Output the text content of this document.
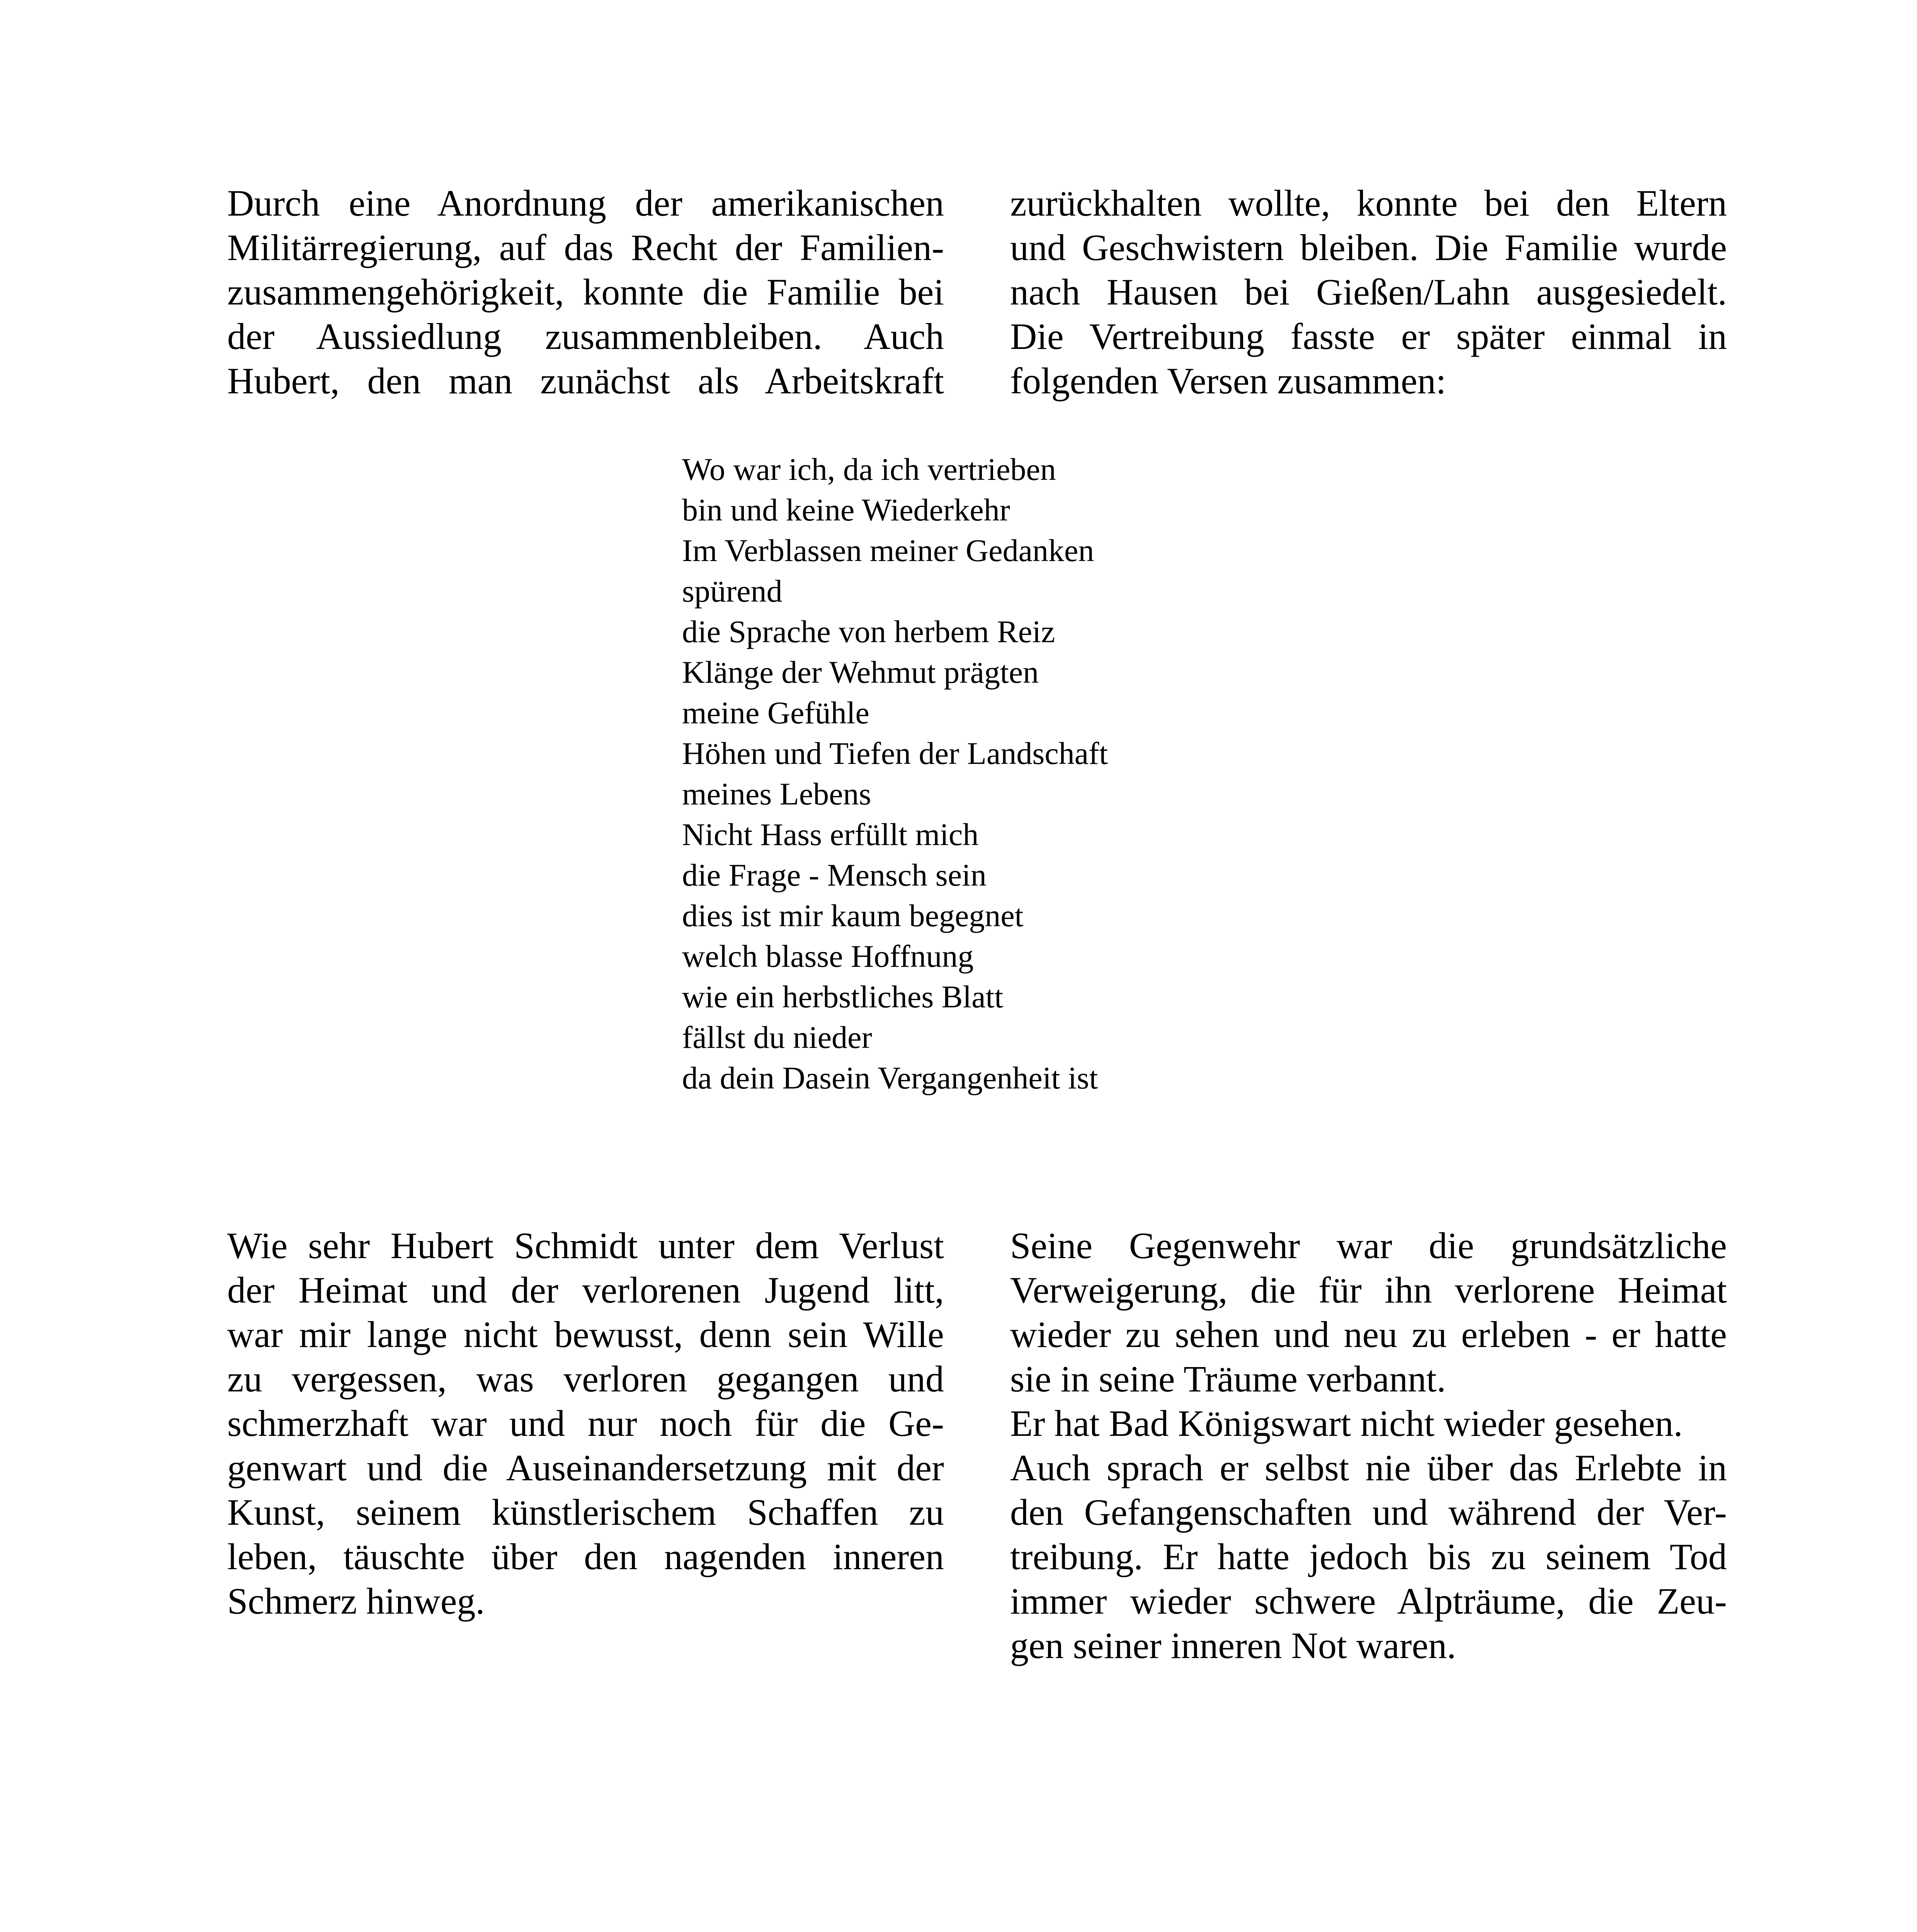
Durch eine Anordnung der amerikanischen
Militärregierung, auf das Recht der Familien-
zusammengehörigkeit, konnte die Familie bei
der Aussiedlung zusammenbleiben. Auch
Hubert, den man zunächst als Arbeitskraft
zurückhalten wollte, konnte bei den Eltern
und Geschwistern bleiben. Die Familie wurde
nach Hausen bei Gießen/Lahn ausgesiedelt.
Die Vertreibung fasste er später einmal in
folgenden Versen zusammen:
Wo war ich, da ich vertrieben
bin und keine Wiederkehr
Im Verblassen meiner Gedanken
spürend
die Sprache von herbem Reiz
Klänge der Wehmut prägten
meine Gefühle
Höhen und Tiefen der Landschaft
meines Lebens
Nicht Hass erfüllt mich
die Frage - Mensch sein
dies ist mir kaum begegnet
welch blasse Hoffnung
wie ein herbstliches Blatt
fällst du nieder
da dein Dasein Vergangenheit ist
Wie sehr Hubert Schmidt unter dem Verlust
der Heimat und der verlorenen Jugend litt,
war mir lange nicht bewusst, denn sein Wille
zu vergessen, was verloren gegangen und
schmerzhaft war und nur noch für die Ge-
genwart und die Auseinandersetzung mit der
Kunst, seinem künstlerischem Schaffen zu
leben, täuschte über den nagenden inneren
Schmerz hinweg.
Seine Gegenwehr war die grundsätzliche
Verweigerung, die für ihn verlorene Heimat
wieder zu sehen und neu zu erleben - er hatte
sie in seine Träume verbannt.
Er hat Bad Königswart nicht wieder gesehen.
Auch sprach er selbst nie über das Erlebte in
den Gefangenschaften und während der Ver-
treibung. Er hatte jedoch bis zu seinem Tod
immer wieder schwere Alpträume, die Zeu-
gen seiner inneren Not waren.
